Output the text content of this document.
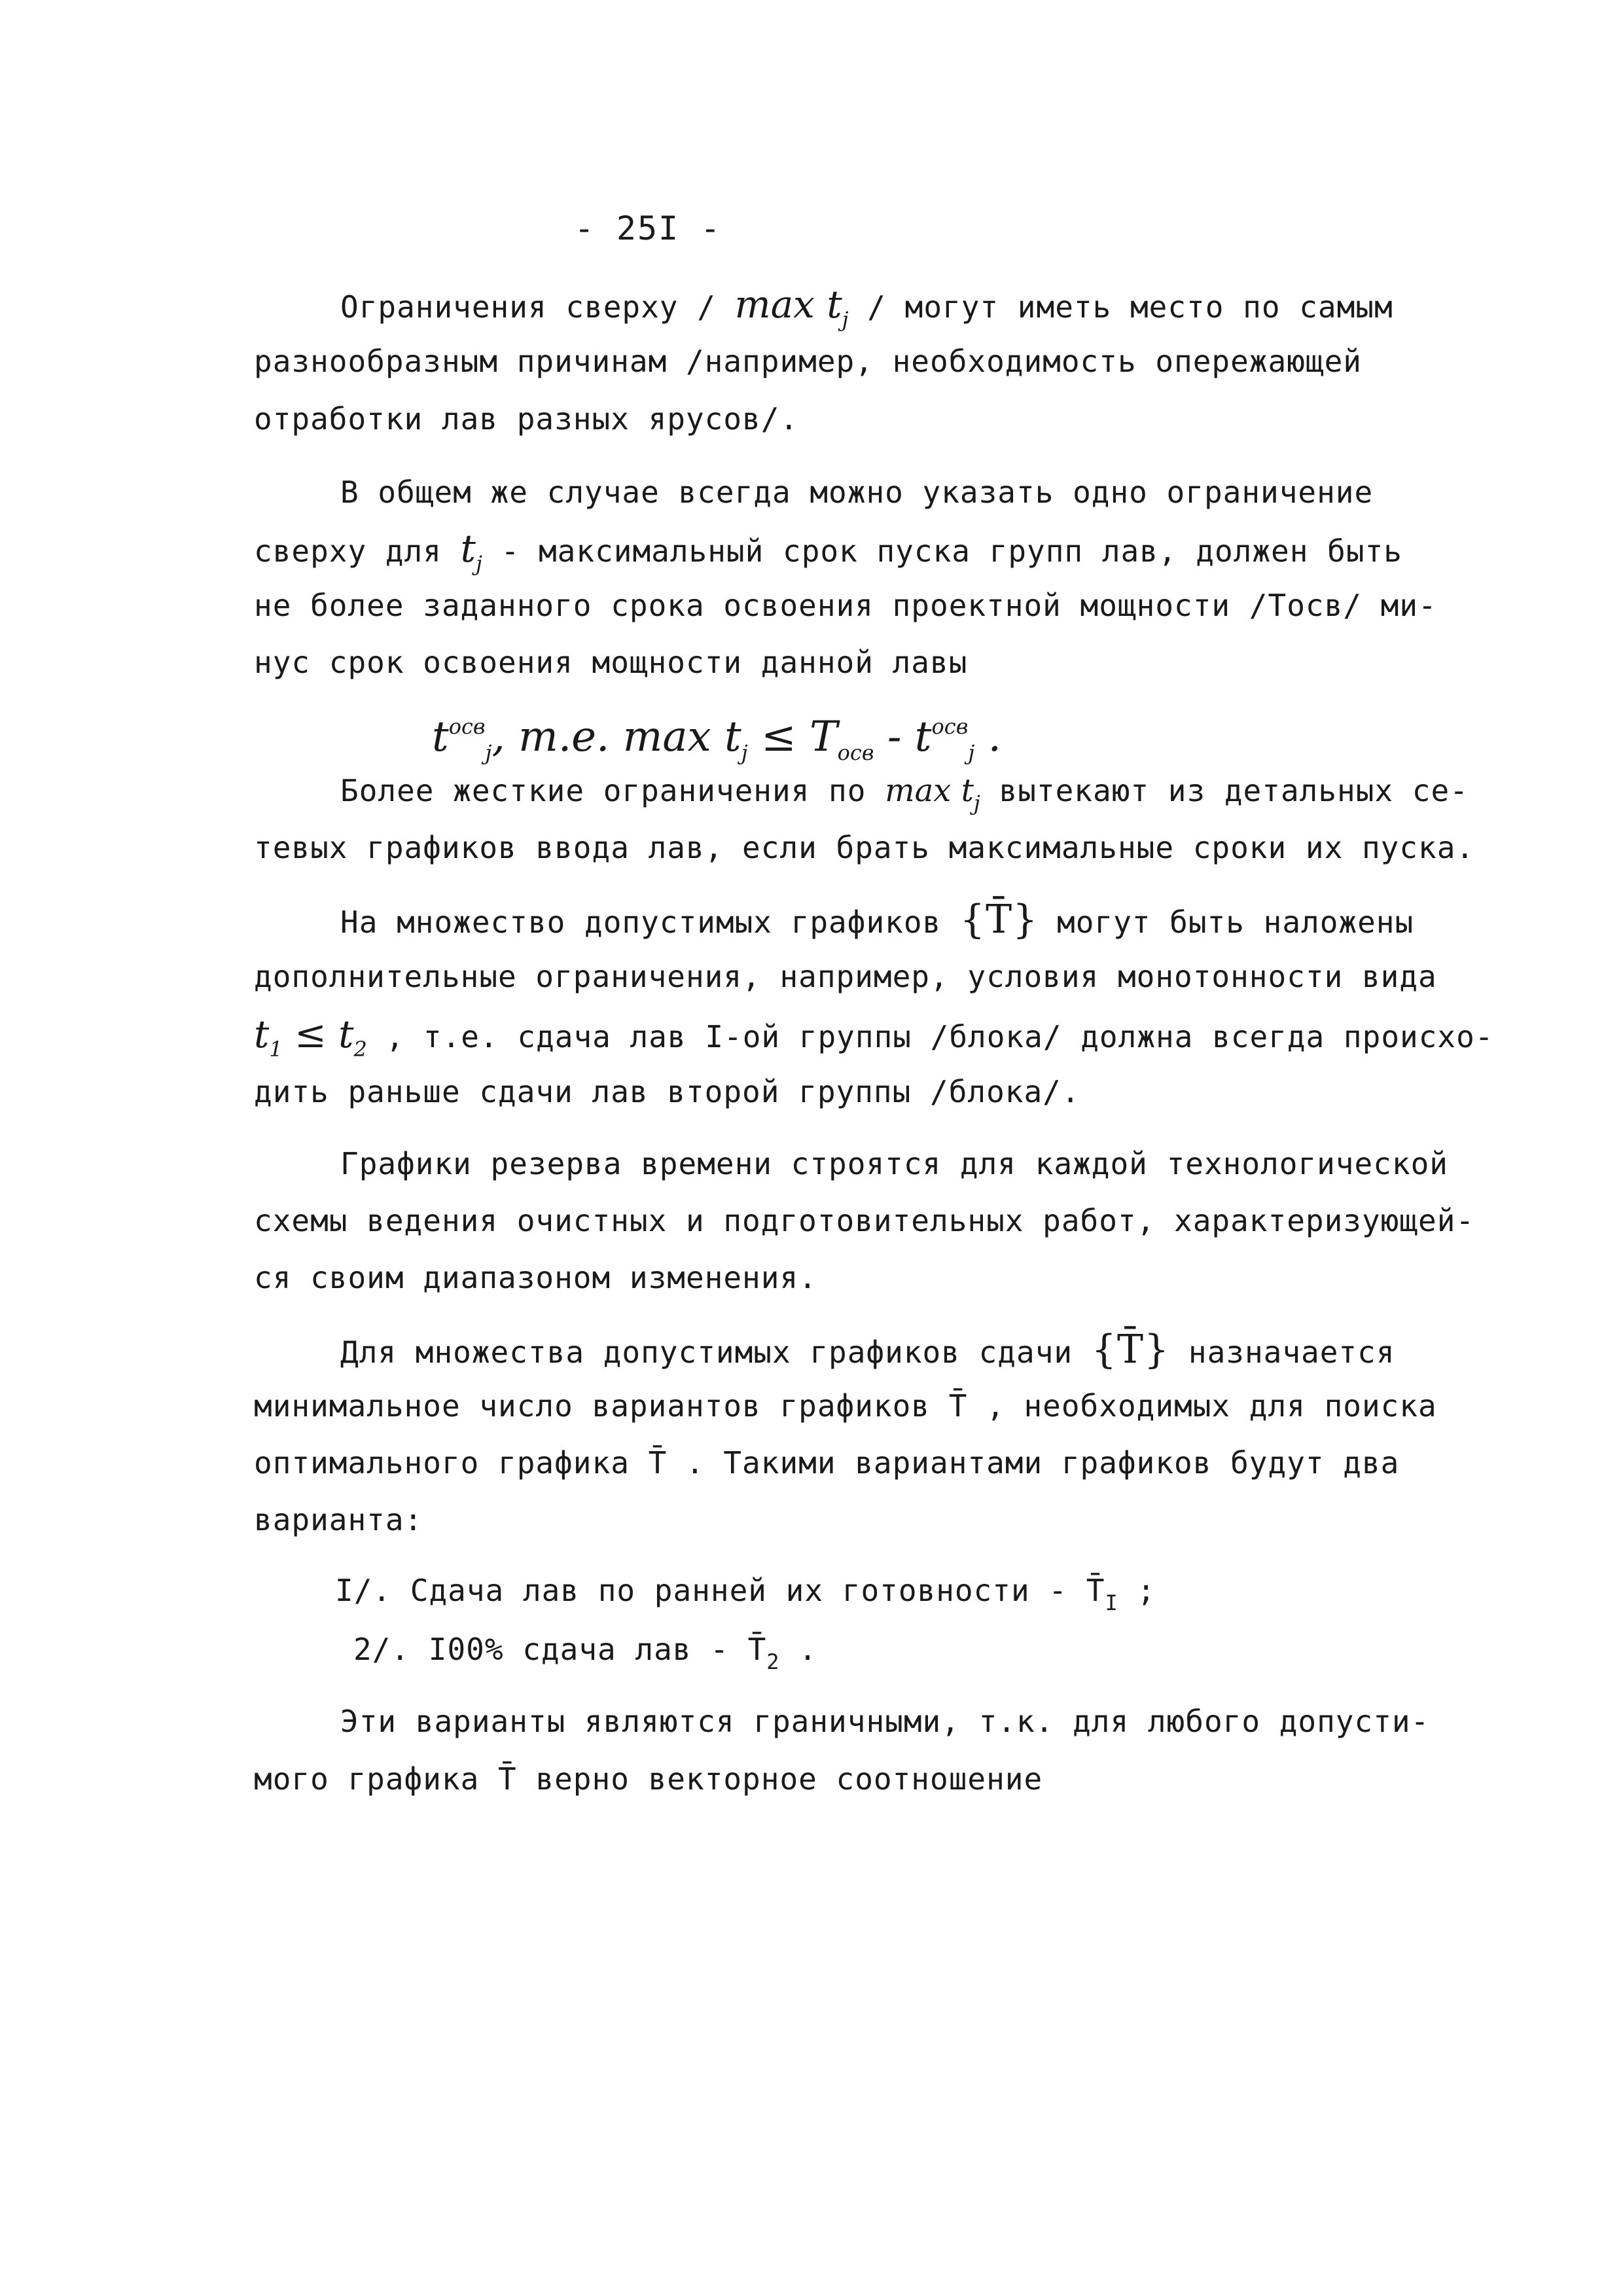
- 25I -
Ограничения сверху / $\max t_j$ / могут иметь место по самым
разнообразным причинам /например, необходимость опережающей
отработки лав разных ярусов/.
В общем же случае всегда можно указать одно ограничение
сверху для $t_j$ - максимальный срок пуска групп лав, должен быть
не более заданного срока освоения проектной мощности /Тосв/ ми-
нус срок освоения мощности данной лавы
$t^{осв}_j$, т.е. $\max t_j \le T_{осв} - t^{осв}_j$ .
Более жесткие ограничения по $\max t_j$ вытекают из детальных се-
тевых графиков ввода лав, если брать максимальные сроки их пуска.
На множество допустимых графиков {T̄} могут быть наложены
дополнительные ограничения, например, условия монотонности вида
$t_1 \le t_2$ , т.е. сдача лав I-ой группы /блока/ должна всегда происхо-
дить раньше сдачи лав второй группы /блока/.
Графики резерва времени строятся для каждой технологической
схемы ведения очистных и подготовительных работ, характеризующей-
ся своим диапазоном изменения.
Для множества допустимых графиков сдачи {T̄} назначается
минимальное число вариантов графиков T̄ , необходимых для поиска
оптимального графика T̄ . Такими вариантами графиков будут два
варианта:
I/. Сдача лав по ранней их готовности - $T̄_I$ ;
2/. I00% сдача лав - $T̄_2$ .
Эти варианты являются граничными, т.к. для любого допусти-
мого графика T̄ верно векторное соотношение
